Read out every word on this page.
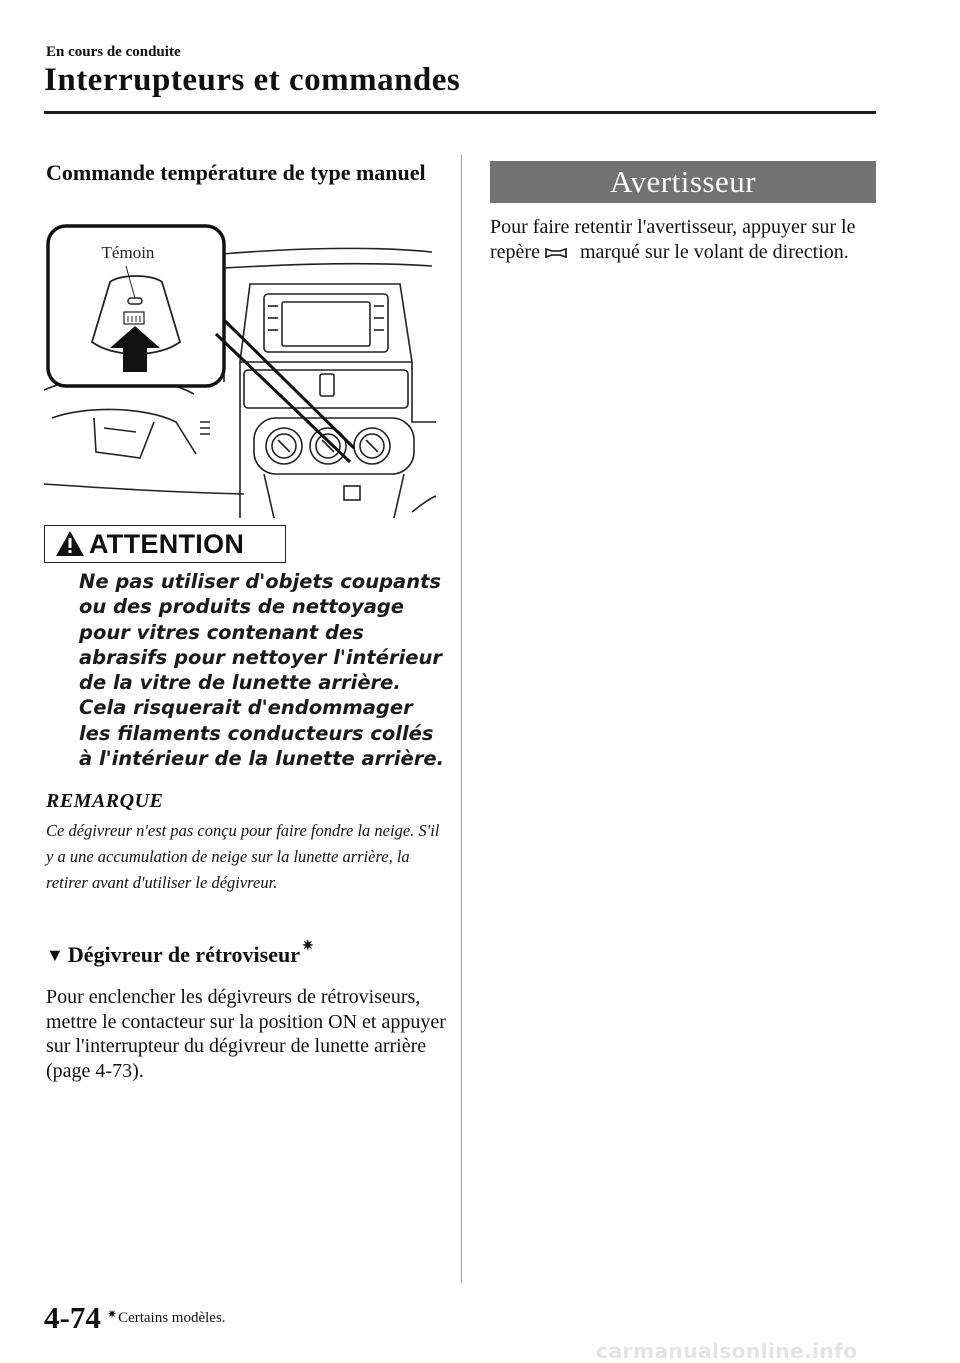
En cours de conduite
Interrupteurs et commandes
Commande température de type manuel
Témoin
ATTENTION
Ne pas utiliser d'objets coupants ou des produits de nettoyage pour vitres contenant des abrasifs pour nettoyer l'intérieur de la vitre de lunette arrière. Cela risquerait d'endommager les filaments conducteurs collés à l'intérieur de la lunette arrière.
REMARQUE
Ce dégivreur n'est pas conçu pour faire fondre la neige. S'il y a une accumulation de neige sur la lunette arrière, la retirer avant d'utiliser le dégivreur.
▼ Dégivreur de rétroviseur ✷
Pour enclencher les dégivreurs de rétroviseurs, mettre le contacteur sur la position ON et appuyer sur l'interrupteur du dégivreur de lunette arrière (page 4-73).
Avertisseur
Pour faire retentir l'avertisseur, appuyer sur le repère marqué sur le volant de direction.
4-74 ✷ Certains modèles.
carmanualsonline.info
